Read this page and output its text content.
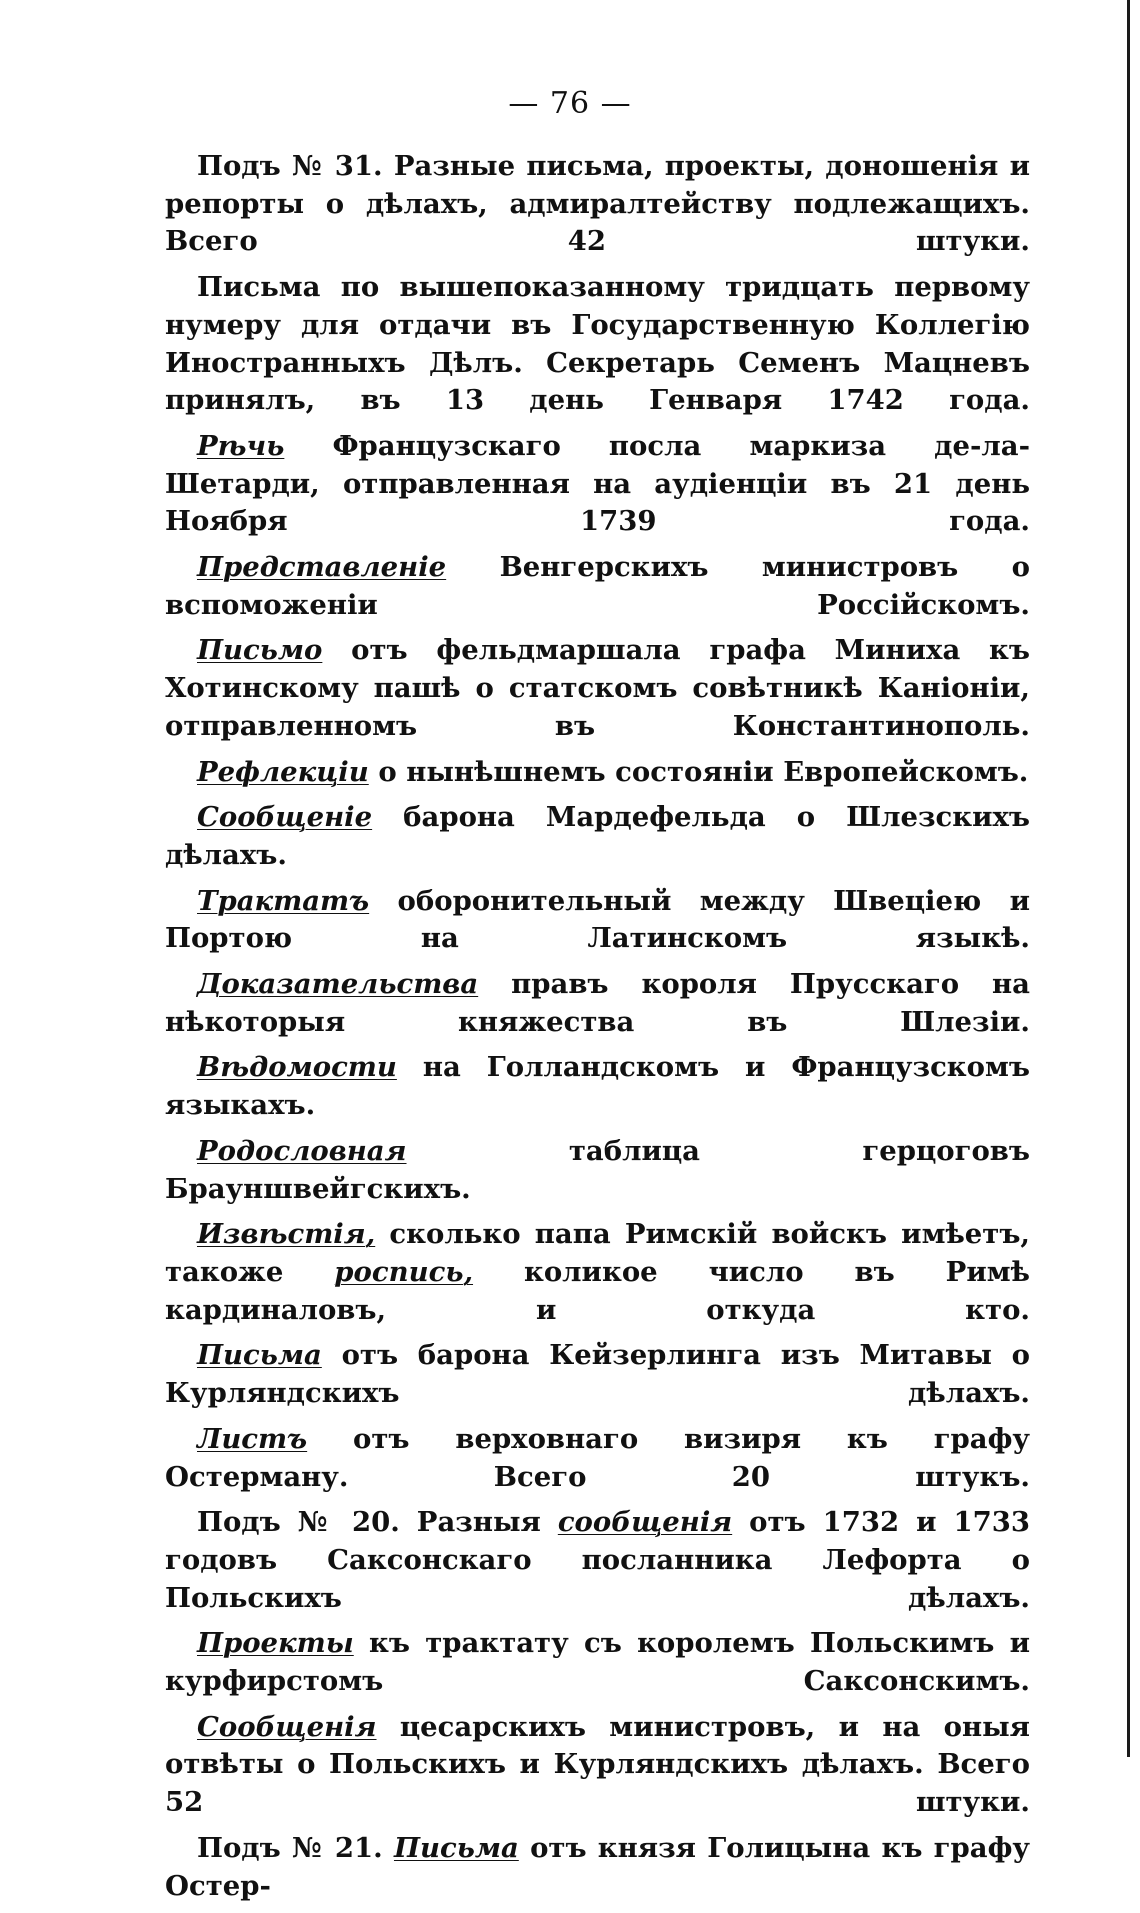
— 76 —

Подъ № 31. Разные письма, проекты, доношенія и репорты о дѣлахъ, адмиралтейству подлежащихъ. Всего 42 штуки.

Письма по вышепоказанному тридцать первому нумеру для отдачи въ Государственную Коллегію Иностранныхъ Дѣлъ. Секретарь Семенъ Мацневъ принялъ, въ 13 день Генваря 1742 года.

Рѣчь Французскаго посла маркиза де-ла-Шетарди, отправленная на аудіенціи въ 21 день Ноября 1739 года.

Представленіе Венгерскихъ министровъ о вспоможеніи Россійскомъ.

Письмо отъ фельдмаршала графа Миниха къ Хотинскому пашѣ о статскомъ совѣтникѣ Каніоніи, отправленномъ въ Константинополь.

Рефлекціи о нынѣшнемъ состояніи Европейскомъ.

Сообщеніе барона Мардефельда о Шлезскихъ дѣлахъ.

Трактатъ оборонительный между Швеціею и Портою на Латинскомъ языкѣ.

Доказательства правъ короля Прусскаго на нѣкоторыя княжества въ Шлезіи.

Вѣдомости на Голландскомъ и Французскомъ языкахъ.

Родословная таблица герцоговъ Брауншвейгскихъ.

Извѣстія, сколько папа Римскій войскъ имѣетъ, такоже роспись, коликое число въ Римѣ кардиналовъ, и откуда кто.

Письма отъ барона Кейзерлинга изъ Митавы о Курляндскихъ дѣлахъ.

Листъ отъ верховнаго визиря къ графу Остерману. Всего 20 штукъ.

Подъ № 20. Разныя сообщенія отъ 1732 и 1733 годовъ Саксонскаго посланника Лефорта о Польскихъ дѣлахъ.

Проекты къ трактату съ королемъ Польскимъ и курфирстомъ Саксонскимъ.

Сообщенія цесарскихъ министровъ, и на оныя отвѣты о Польскихъ и Курляндскихъ дѣлахъ. Всего 52 штуки.

Подъ № 21. Письма отъ князя Голицына къ графу Остер-
